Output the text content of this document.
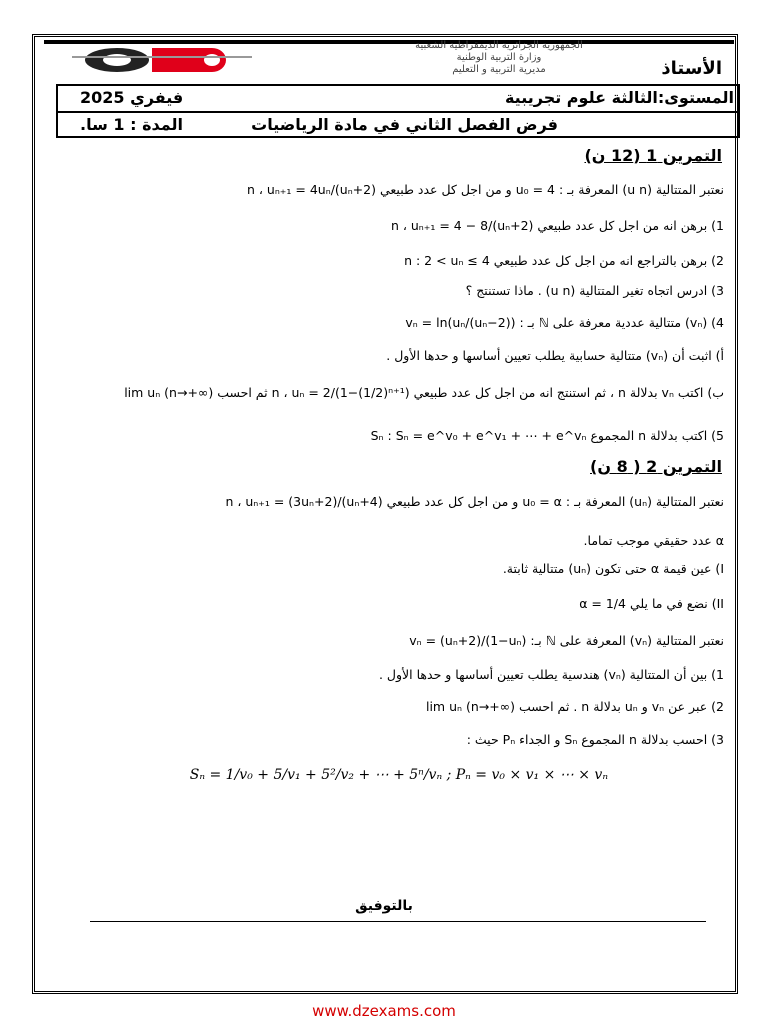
الجمهورية الجزائرية الديمقراطية الشعبية
وزارة التربية الوطنية
مديرية التربية و التعليم	الأستاذ
المستوى:الثالثة علوم تجريبية
فيفري 2025
فرض الفصل الثاني في مادة الرياضيات
المدة : 1 سا.
التمرين 1 (12 ن)
نعتبر المتتالية (u n) المعرفة بـ : u₀ = 4 و من اجل كل عدد طبيعي n ، uₙ₊₁ = 4uₙ/(uₙ+2)
1) برهن انه من اجل كل عدد طبيعي n ، uₙ₊₁ = 4 − 8/(uₙ+2)
2) برهن بالتراجع انه من اجل كل عدد طبيعي n : 2 < uₙ ≤ 4
3) ادرس اتجاه تغير المتتالية (u n) . ماذا تستنتج ؟
4) (vₙ) متتالية عددية معرفة على ℕ بـ : vₙ = ln(uₙ/(uₙ−2))
أ) اثبت أن (vₙ) متتالية حسابية يطلب تعيين أساسها و حدها الأول .
ب) اكتب vₙ بدلالة n ، ثم استنتج انه من اجل كل عدد طبيعي n ، uₙ = 2/(1−(1/2)ⁿ⁺¹) ثم احسب lim uₙ (n→+∞)
5) اكتب بدلالة n المجموع Sₙ : Sₙ = e^v₀ + e^v₁ + ⋯ + e^vₙ
التمرين 2 ( 8 ن)
نعتبر المتتالية (uₙ) المعرفة بـ : u₀ = α و من اجل كل عدد طبيعي n ، uₙ₊₁ = (3uₙ+2)/(uₙ+4)
α عدد حقيقي موجب تماما.
I) عين قيمة α حتى تكون (uₙ) متتالية ثابتة.
II) نضع في ما يلي α = 1/4
نعتبر المتتالية (vₙ) المعرفة على ℕ بـ: vₙ = (uₙ+2)/(1−uₙ)
1) بين أن المتتالية (vₙ) هندسية يطلب تعيين أساسها و حدها الأول .
2) عبر عن vₙ و uₙ بدلالة n . ثم احسب lim uₙ (n→+∞)
3) احسب بدلالة n المجموع Sₙ و الجداء Pₙ حيث :
Sₙ = 1/v₀ + 5/v₁ + 5²/v₂ + ⋯ + 5ⁿ/vₙ ; Pₙ = v₀ × v₁ × ⋯ × vₙ
بالتوفيق
www.dzexams.com
